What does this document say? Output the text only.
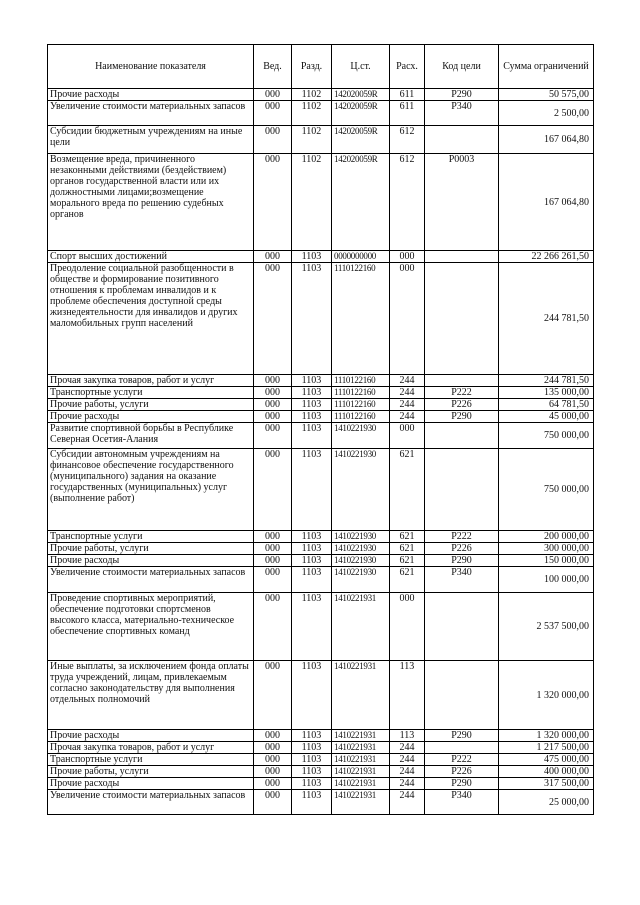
Наименование показателя	Вед.	Разд.	Ц.ст.	Расх.	Код цели	Сумма ограничений
Прочие расходы	000	1102	142020059R	611	P290	50 575,00
Увеличение стоимости материальных запасов	000	1102	142020059R	611	P340	2 500,00
Субсидии бюджетным учреждениям на иные цели	000	1102	142020059R	612		167 064,80
Возмещение вреда, причиненного незаконными действиями (бездействием) органов государственной власти или их должностными лицами;возмещение морального вреда по решению судебных органов	000	1102	142020059R	612	P0003	167 064,80
Спорт высших достижений	000	1103	0000000000	000		22 266 261,50
Преодоление социальной разобщенности в обществе и формирование позитивного отношения к проблемам инвалидов и к проблеме обеспечения доступной среды жизнедеятельности для инвалидов и других маломобильных групп населений	000	1103	1110122160	000		244 781,50
Прочая закупка товаров, работ и услуг	000	1103	1110122160	244		244 781,50
Транспортные услуги	000	1103	1110122160	244	P222	135 000,00
Прочие работы, услуги	000	1103	1110122160	244	P226	64 781,50
Прочие расходы	000	1103	1110122160	244	P290	45 000,00
Развитие спортивной борьбы в Республике Северная Осетия-Алания	000	1103	1410221930	000		750 000,00
Субсидии автономным учреждениям на финансовое обеспечение государственного (муниципального) задания на оказание государственных (муниципальных) услуг (выполнение работ)	000	1103	1410221930	621		750 000,00
Транспортные услуги	000	1103	1410221930	621	P222	200 000,00
Прочие работы, услуги	000	1103	1410221930	621	P226	300 000,00
Прочие расходы	000	1103	1410221930	621	P290	150 000,00
Увеличение стоимости материальных запасов	000	1103	1410221930	621	P340	100 000,00
Проведение спортивных мероприятий, обеспечение подготовки спортсменов высокого класса, материально-техническое обеспечение спортивных команд	000	1103	1410221931	000		2 537 500,00
Иные выплаты, за исключением фонда оплаты труда учреждений, лицам, привлекаемым согласно законодательству для выполнения отдельных полномочий	000	1103	1410221931	113		1 320 000,00
Прочие расходы	000	1103	1410221931	113	P290	1 320 000,00
Прочая закупка товаров, работ и услуг	000	1103	1410221931	244		1 217 500,00
Транспортные услуги	000	1103	1410221931	244	P222	475 000,00
Прочие работы, услуги	000	1103	1410221931	244	P226	400 000,00
Прочие расходы	000	1103	1410221931	244	P290	317 500,00
Увеличение стоимости материальных запасов	000	1103	1410221931	244	P340	25 000,00
